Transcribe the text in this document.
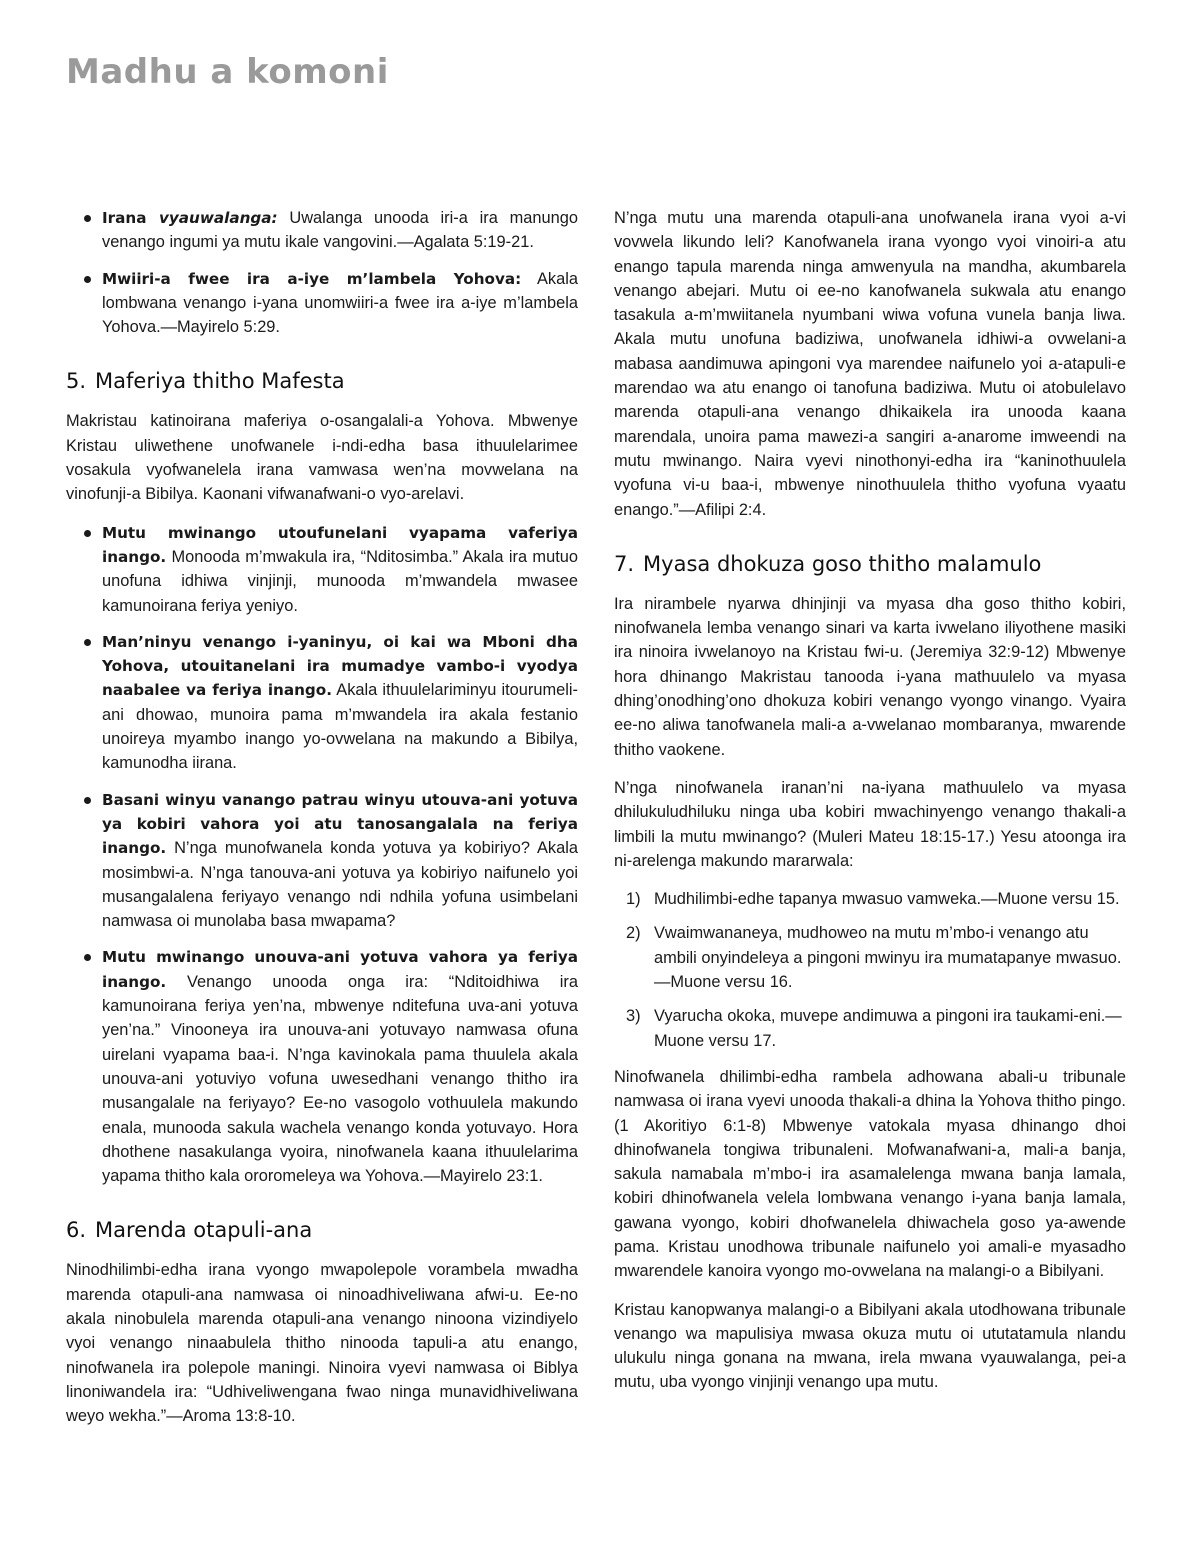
Madhu a komoni
Irana vyauwalanga: Uwalanga unooda iri-a ira manungo venango ingumi ya mutu ikale vangovini.—Agalata 5:19-21.
Mwiiri-a fwee ira a-iye m’lambela Yohova: Akala lombwana venango i-yana unomwiiri-a fwee ira a-iye m’lambela Yohova.—Mayirelo 5:29.
5. Maferiya thitho Mafesta

Makristau katinoirana maferiya o-osangalali-a Yohova. Mbwenye Kristau uliwethene unofwanele i-ndi-edha basa ithuulelarimee vosakula vyofwanelela irana vamwasa wen’na movwelana na vinofunji-a Bibilya. Kaonani vifwanafwani-o vyo-arelavi.

Mutu mwinango utoufunelani vyapama vaferiya inango. Monooda m’mwakula ira, “Nditosimba.” Akala ira mutuo unofuna idhiwa vinjinji, munooda m’mwandela mwasee kamunoirana feriya yeniyo.
Man’ninyu venango i-yaninyu, oi kai wa Mboni dha Yohova, utouitanelani ira mumadye vambo-i vyodya naabalee va feriya inango. Akala ithuulelariminyu itourumeli-ani dhowao, munoira pama m’mwandela ira akala festanio unoireya myambo inango yo-ovwelana na makundo a Bibilya, kamunodha iirana.
Basani winyu vanango patrau winyu utouva-ani yotuva ya kobiri vahora yoi atu tanosangalala na feriya inango. N’nga munofwanela konda yotuva ya kobiriyo? Akala mosimbwi-a. N’nga tanouva-ani yotuva ya kobiriyo naifunelo yoi musangalalena feriyayo venango ndi ndhila yofuna usimbelani namwasa oi munolaba basa mwapama?
Mutu mwinango unouva-ani yotuva vahora ya feriya inango. Venango unooda onga ira: “Nditoidhiwa ira kamunoirana feriya yen’na, mbwenye nditefuna uva-ani yotuva yen’na.” Vinooneya ira unouva-ani yotuvayo namwasa ofuna uirelani vyapama baa-i. N’nga kavinokala pama thuulela akala unouva-ani yotuviyo vofuna uwesedhani venango thitho ira musangalale na feriyayo? Ee-no vasogolo vothuulela makundo enala, munooda sakula wachela venango konda yotuvayo. Hora dhothene nasakulanga vyoira, ninofwanela kaana ithuulelarima yapama thitho kala ororomeleya wa Yohova.—Mayirelo 23:1.
6. Marenda otapuli-ana

Ninodhilimbi-edha irana vyongo mwapolepole vorambela mwadha marenda otapuli-ana namwasa oi ninoadhiveliwana afwi-u. Ee-no akala ninobulela marenda otapuli-ana venango ninoona vizindiyelo vyoi venango ninaabulela thitho ninooda tapuli-a atu enango, ninofwanela ira polepole maningi. Ninoira vyevi namwasa oi Biblya linoniwandela ira: “Udhiveliwengana fwao ninga munavidhiveliwana weyo wekha.”—Aroma 13:8-10.

N’nga mutu una marenda otapuli-ana unofwanela irana vyoi a-vi vovwela likundo leli? Kanofwanela irana vyongo vyoi vinoiri-a atu enango tapula marenda ninga amwenyula na mandha, akumbarela venango abejari. Mutu oi ee-no kanofwanela sukwala atu enango tasakula a-m’mwiitanela nyumbani wiwa vofuna vunela banja liwa. Akala mutu unofuna badiziwa, unofwanela idhiwi-a ovwelani-a mabasa aandimuwa apingoni vya marendee naifunelo yoi a-atapuli-e marendao wa atu enango oi tanofuna badiziwa. Mutu oi atobulelavo marenda otapuli-ana venango dhikaikela ira unooda kaana marendala, unoira pama mawezi-a sangiri a-anarome imweendi na mutu mwinango. Naira vyevi ninothonyi-edha ira “kaninothuulela vyofuna vi-u baa-i, mbwenye ninothuulela thitho vyofuna vyaatu enango.”—Afilipi 2:4.

7. Myasa dhokuza goso thitho malamulo

Ira nirambele nyarwa dhinjinji va myasa dha goso thitho kobiri, ninofwanela lemba venango sinari va karta ivwelano iliyothene masiki ira ninoira ivwelanoyo na Kristau fwi-u. (Jeremiya 32:9-12) Mbwenye hora dhinango Makristau tanooda i-yana mathuulelo va myasa dhing’onodhing’ono dhokuza kobiri venango vyongo vinango. Vyaira ee-no aliwa tanofwanela mali-a a-vwelanao mombaranya, mwarende thitho vaokene.

N’nga ninofwanela iranan’ni na-iyana mathuulelo va myasa dhilukuludhiluku ninga uba kobiri mwachinyengo venango thakali-a limbili la mutu mwinango? (Muleri Mateu 18:15-17.) Yesu atoonga ira ni-arelenga makundo mararwala:

1) Mudhilimbi-edhe tapanya mwasuo vamweka.—Muone versu 15.
2) Vwaimwananeya, mudhoweo na mutu m’mbo-i venango atu ambili onyindeleya a pingoni mwinyu ira mumatapanye mwasuo.—Muone versu 16.
3) Vyarucha okoka, muvepe andimuwa a pingoni ira taukami-eni.—Muone versu 17.

Ninofwanela dhilimbi-edha rambela adhowana abali-u tribunale namwasa oi irana vyevi unooda thakali-a dhina la Yohova thitho pingo. (1 Akoritiyo 6:1-8) Mbwenye vatokala myasa dhinango dhoi dhinofwanela tongiwa tribunaleni. Mofwanafwani-a, mali-a banja, sakula namabala m’mbo-i ira asamalelenga mwana banja lamala, kobiri dhinofwanela velela lombwana venango i-yana banja lamala, gawana vyongo, kobiri dhofwanelela dhiwachela goso ya-awende pama. Kristau unodhowa tribunale naifunelo yoi amali-e myasadho mwarendele kanoira vyongo mo-ovwelana na malangi-o a Bibilyani.

Kristau kanopwanya malangi-o a Bibilyani akala utodhowana tribunale venango wa mapulisiya mwasa okuza mutu oi ututatamula nlandu ulukulu ninga gonana na mwana, irela mwana vyauwalanga, pei-a mutu, uba vyongo vinjinji venango upa mutu.
